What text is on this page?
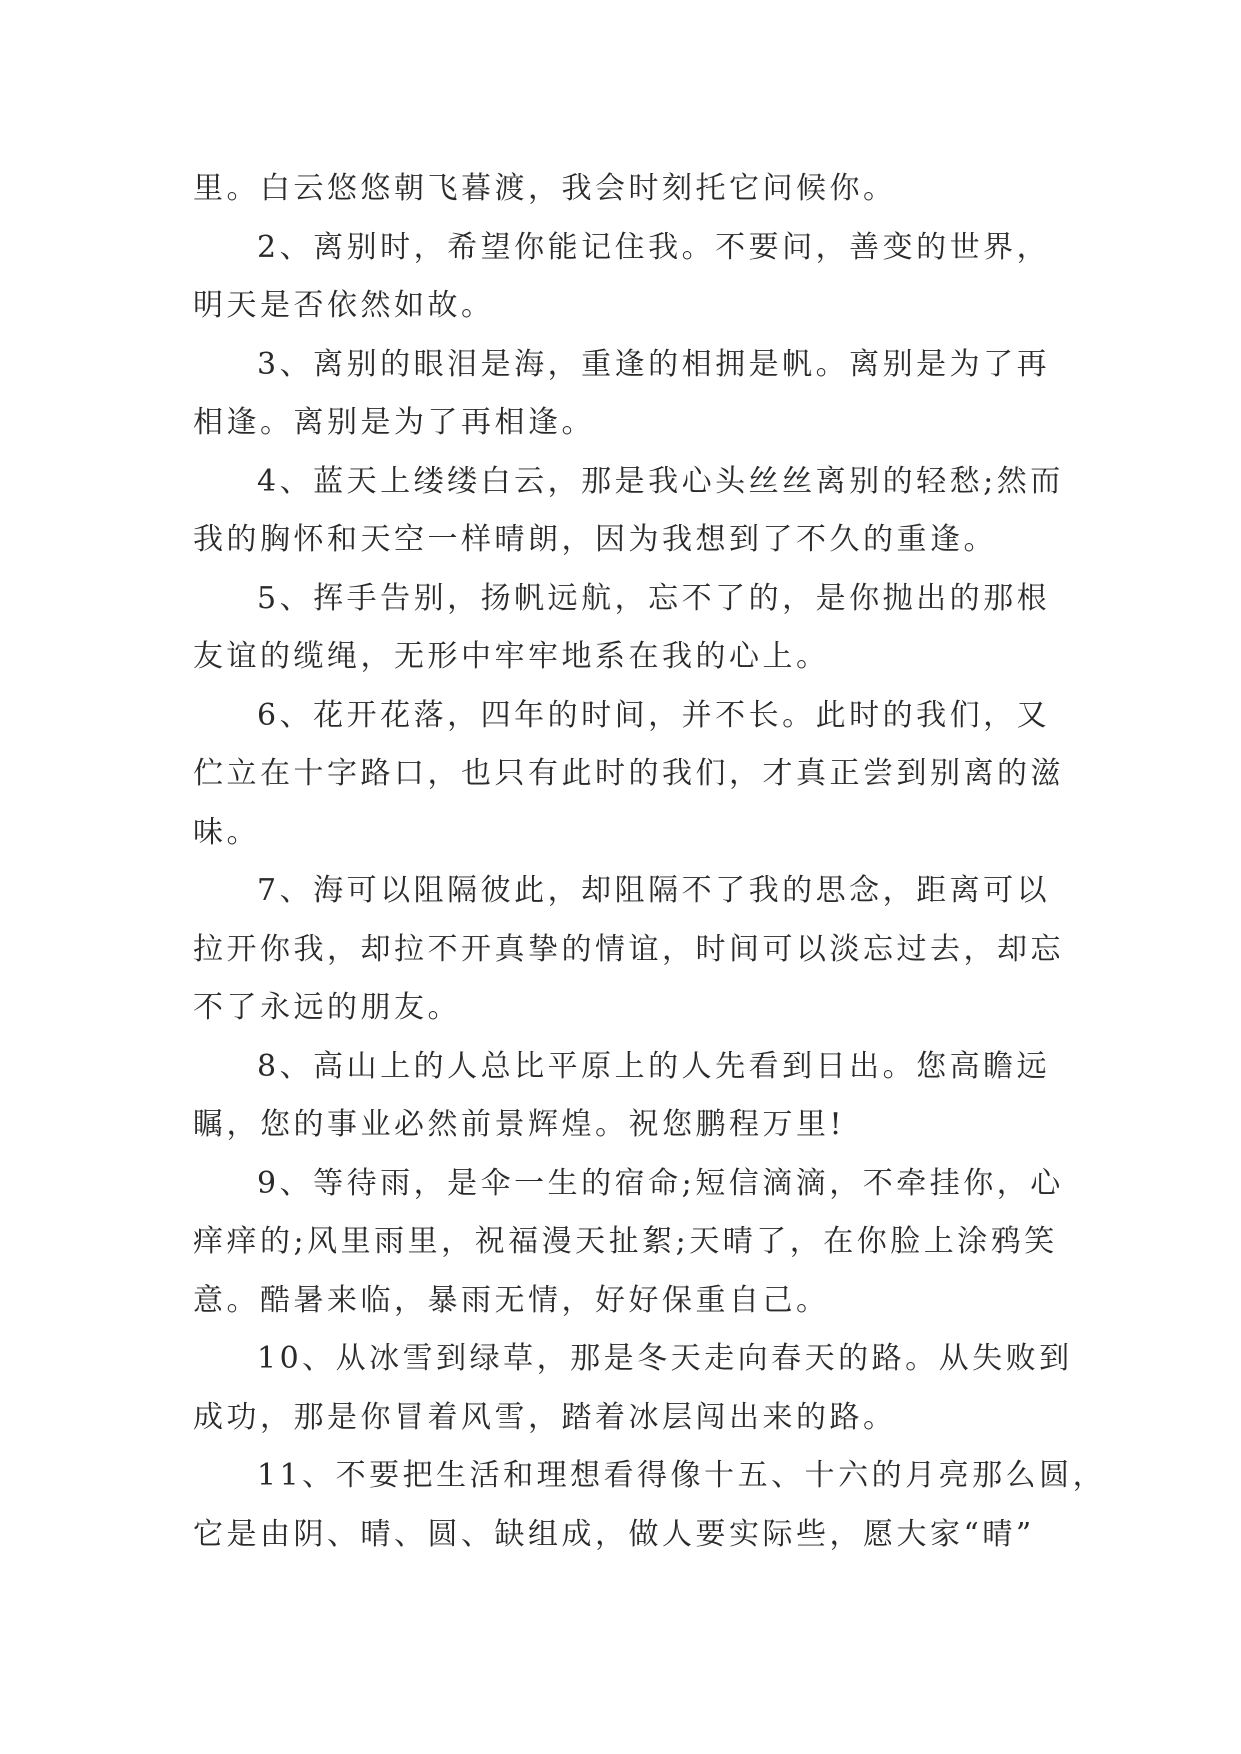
里。白云悠悠朝飞暮渡，我会时刻托它问候你。
2、离别时，希望你能记住我。不要问，善变的世界，
明天是否依然如故。
3、离别的眼泪是海，重逢的相拥是帆。离别是为了再
相逢。离别是为了再相逢。
4、蓝天上缕缕白云，那是我心头丝丝离别的轻愁;然而
我的胸怀和天空一样晴朗，因为我想到了不久的重逢。
5、挥手告别，扬帆远航，忘不了的，是你抛出的那根
友谊的缆绳，无形中牢牢地系在我的心上。
6、花开花落，四年的时间，并不长。此时的我们，又
伫立在十字路口，也只有此时的我们，才真正尝到别离的滋
味。
7、海可以阻隔彼此，却阻隔不了我的思念，距离可以
拉开你我，却拉不开真挚的情谊，时间可以淡忘过去，却忘
不了永远的朋友。
8、高山上的人总比平原上的人先看到日出。您高瞻远
瞩，您的事业必然前景辉煌。祝您鹏程万里!
9、等待雨，是伞一生的宿命;短信滴滴，不牵挂你，心
痒痒的;风里雨里，祝福漫天扯絮;天晴了，在你脸上涂鸦笑
意。酷暑来临，暴雨无情，好好保重自己。
10、从冰雪到绿草，那是冬天走向春天的路。从失败到
成功，那是你冒着风雪，踏着冰层闯出来的路。
11、不要把生活和理想看得像十五、十六的月亮那么圆，
它是由阴、晴、圆、缺组成，做人要实际些，愿大家“晴”
